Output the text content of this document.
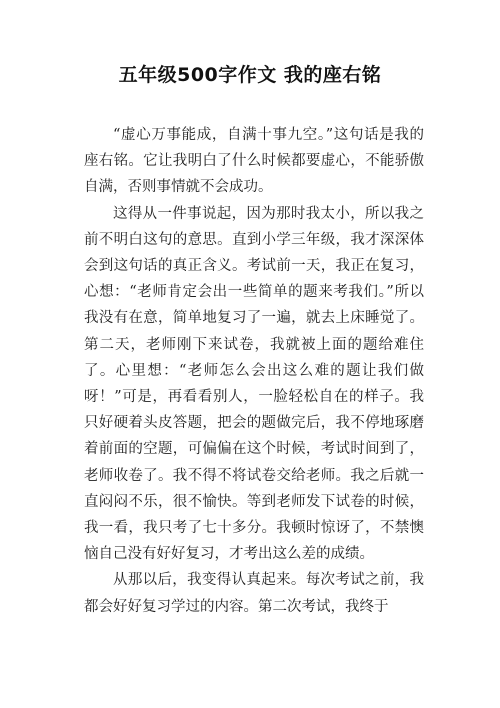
五年级500字作文 我的座右铭

“虚心万事能成，自满十事九空。”这句话是我的座右铭。它让我明白了什么时候都要虚心，不能骄傲自满，否则事情就不会成功。

这得从一件事说起，因为那时我太小，所以我之前不明白这句的意思。直到小学三年级，我才深深体会到这句话的真正含义。考试前一天，我正在复习，心想：“老师肯定会出一些简单的题来考我们。”所以我没有在意，简单地复习了一遍，就去上床睡觉了。第二天，老师刚下来试卷，我就被上面的题给难住了。心里想：“老师怎么会出这么难的题让我们做呀！”可是，再看看别人，一脸轻松自在的样子。我只好硬着头皮答题，把会的题做完后，我不停地琢磨着前面的空题，可偏偏在这个时候，考试时间到了，老师收卷了。我不得不将试卷交给老师。我之后就一直闷闷不乐，很不愉快。等到老师发下试卷的时候，我一看，我只考了七十多分。我顿时惊讶了，不禁懊恼自己没有好好复习，才考出这么差的成绩。

从那以后，我变得认真起来。每次考试之前，我都会好好复习学过的内容。第二次考试，我终于
